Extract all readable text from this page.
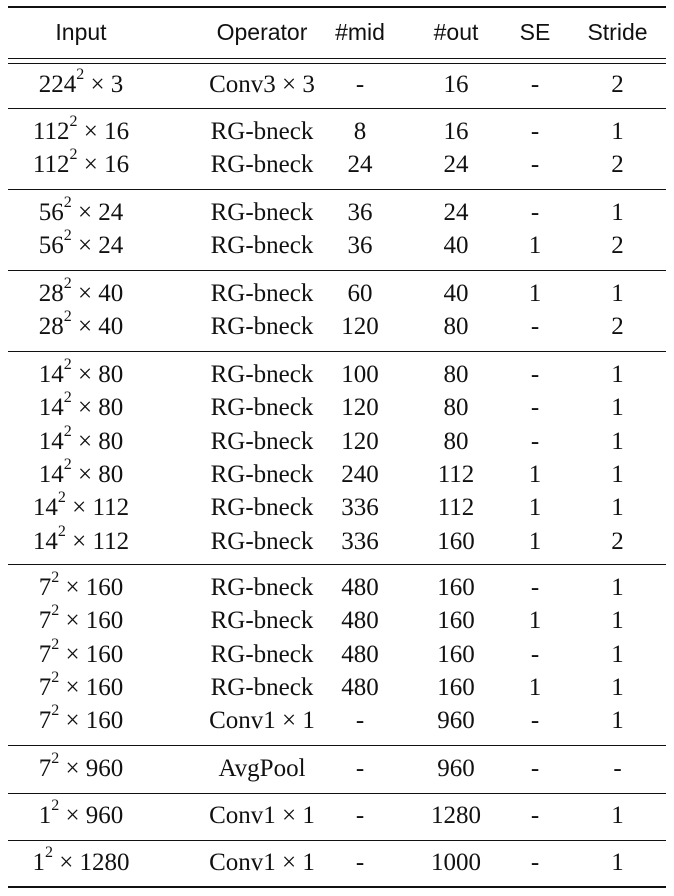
Input	Operator	#mid	#out	SE	Stride
$224^2 \times 3$	Conv3 × 3	-	16	-	2
$112^2 \times 16$	RG-bneck	8	16	-	1
$112^2 \times 16$	RG-bneck	24	24	-	2
$56^2 \times 24$	RG-bneck	36	24	-	1
$56^2 \times 24$	RG-bneck	36	40	1	2
$28^2 \times 40$	RG-bneck	60	40	1	1
$28^2 \times 40$	RG-bneck	120	80	-	2
$14^2 \times 80$	RG-bneck	100	80	-	1
$14^2 \times 80$	RG-bneck	120	80	-	1
$14^2 \times 80$	RG-bneck	120	80	-	1
$14^2 \times 80$	RG-bneck	240	112	1	1
$14^2 \times 112$	RG-bneck	336	112	1	1
$14^2 \times 112$	RG-bneck	336	160	1	2
$7^2 \times 160$	RG-bneck	480	160	-	1
$7^2 \times 160$	RG-bneck	480	160	1	1
$7^2 \times 160$	RG-bneck	480	160	-	1
$7^2 \times 160$	RG-bneck	480	160	1	1
$7^2 \times 160$	Conv1 × 1	-	960	-	1
$7^2 \times 960$	AvgPool	-	960	-	-
$1^2 \times 960$	Conv1 × 1	-	1280	-	1
$1^2 \times 1280$	Conv1 × 1	-	1000	-	1
